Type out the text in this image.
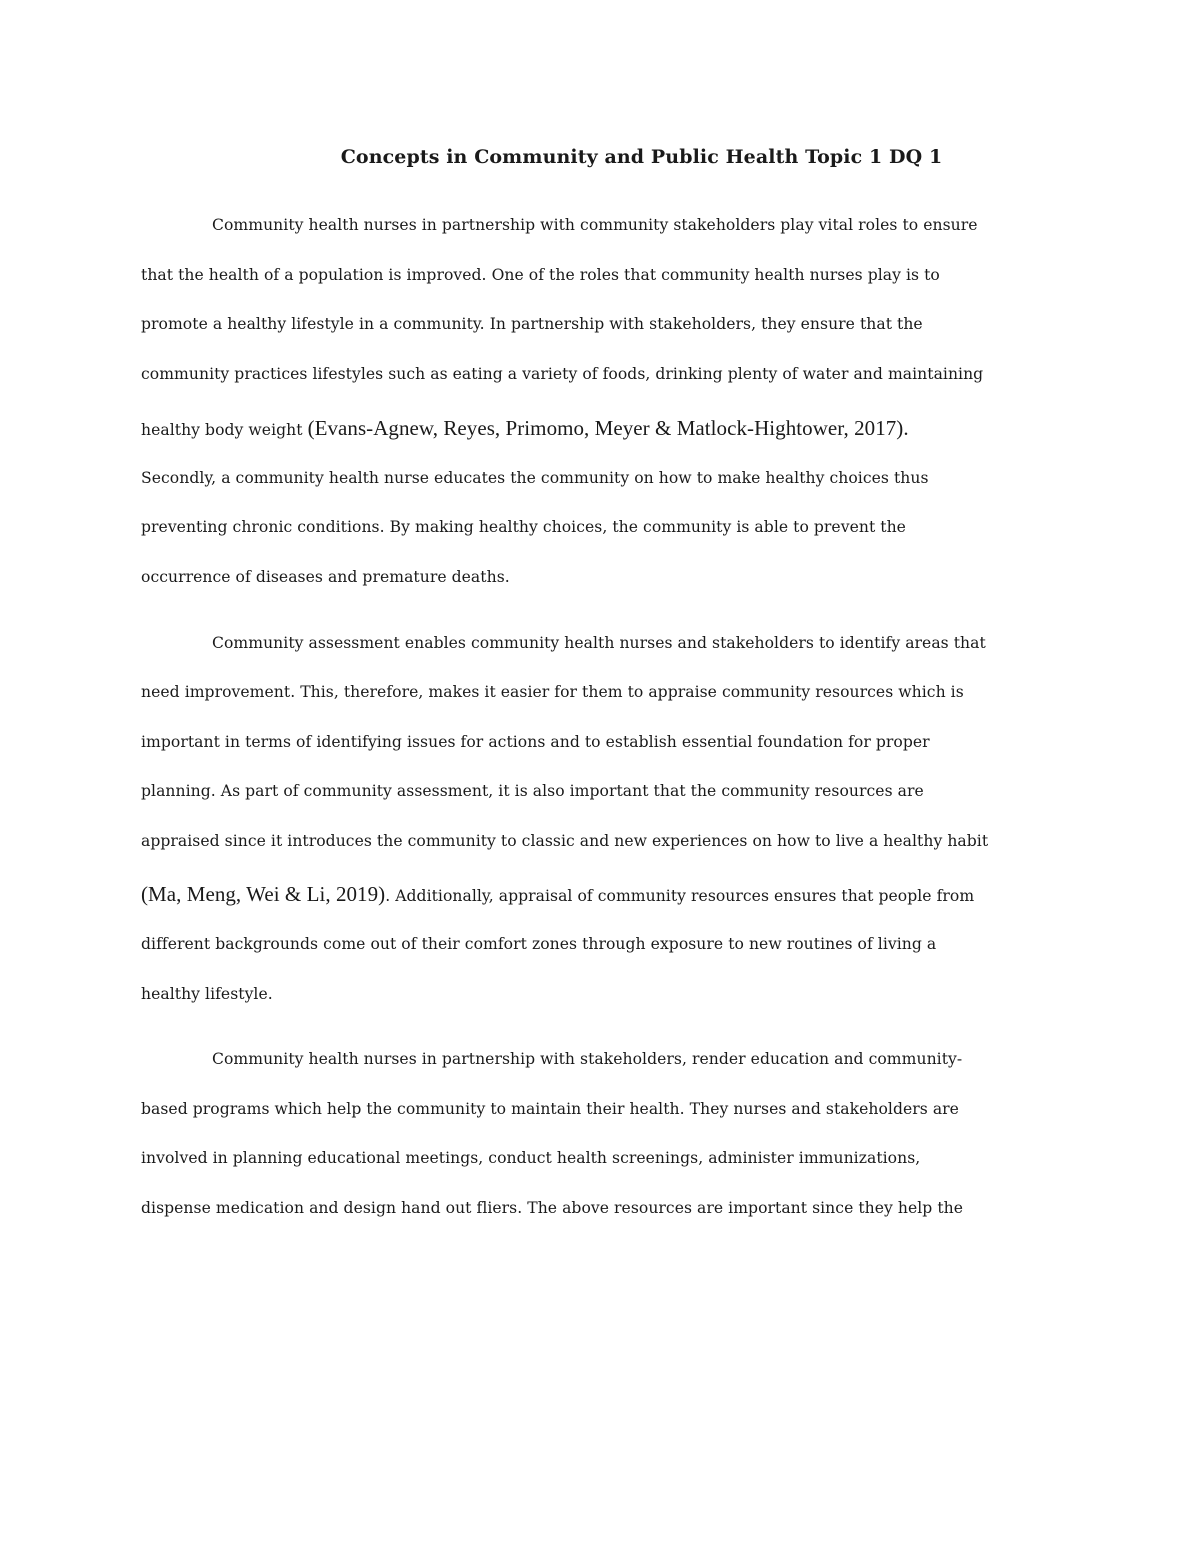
Concepts in Community and Public Health Topic 1 DQ 1
Community health nurses in partnership with community stakeholders play vital roles to ensure
that the health of a population is improved. One of the roles that community health nurses play is to
promote a healthy lifestyle in a community. In partnership with stakeholders, they ensure that the
community practices lifestyles such as eating a variety of foods, drinking plenty of water and maintaining
healthy body weight (Evans-Agnew, Reyes, Primomo, Meyer & Matlock-Hightower, 2017).
Secondly, a community health nurse educates the community on how to make healthy choices thus
preventing chronic conditions. By making healthy choices, the community is able to prevent the
occurrence of diseases and premature deaths.
Community assessment enables community health nurses and stakeholders to identify areas that
need improvement. This, therefore, makes it easier for them to appraise community resources which is
important in terms of identifying issues for actions and to establish essential foundation for proper
planning. As part of community assessment, it is also important that the community resources are
appraised since it introduces the community to classic and new experiences on how to live a healthy habit
(Ma, Meng, Wei & Li, 2019). Additionally, appraisal of community resources ensures that people from
different backgrounds come out of their comfort zones through exposure to new routines of living a
healthy lifestyle.
Community health nurses in partnership with stakeholders, render education and community-
based programs which help the community to maintain their health. They nurses and stakeholders are
involved in planning educational meetings, conduct health screenings, administer immunizations,
dispense medication and design hand out fliers. The above resources are important since they help the
